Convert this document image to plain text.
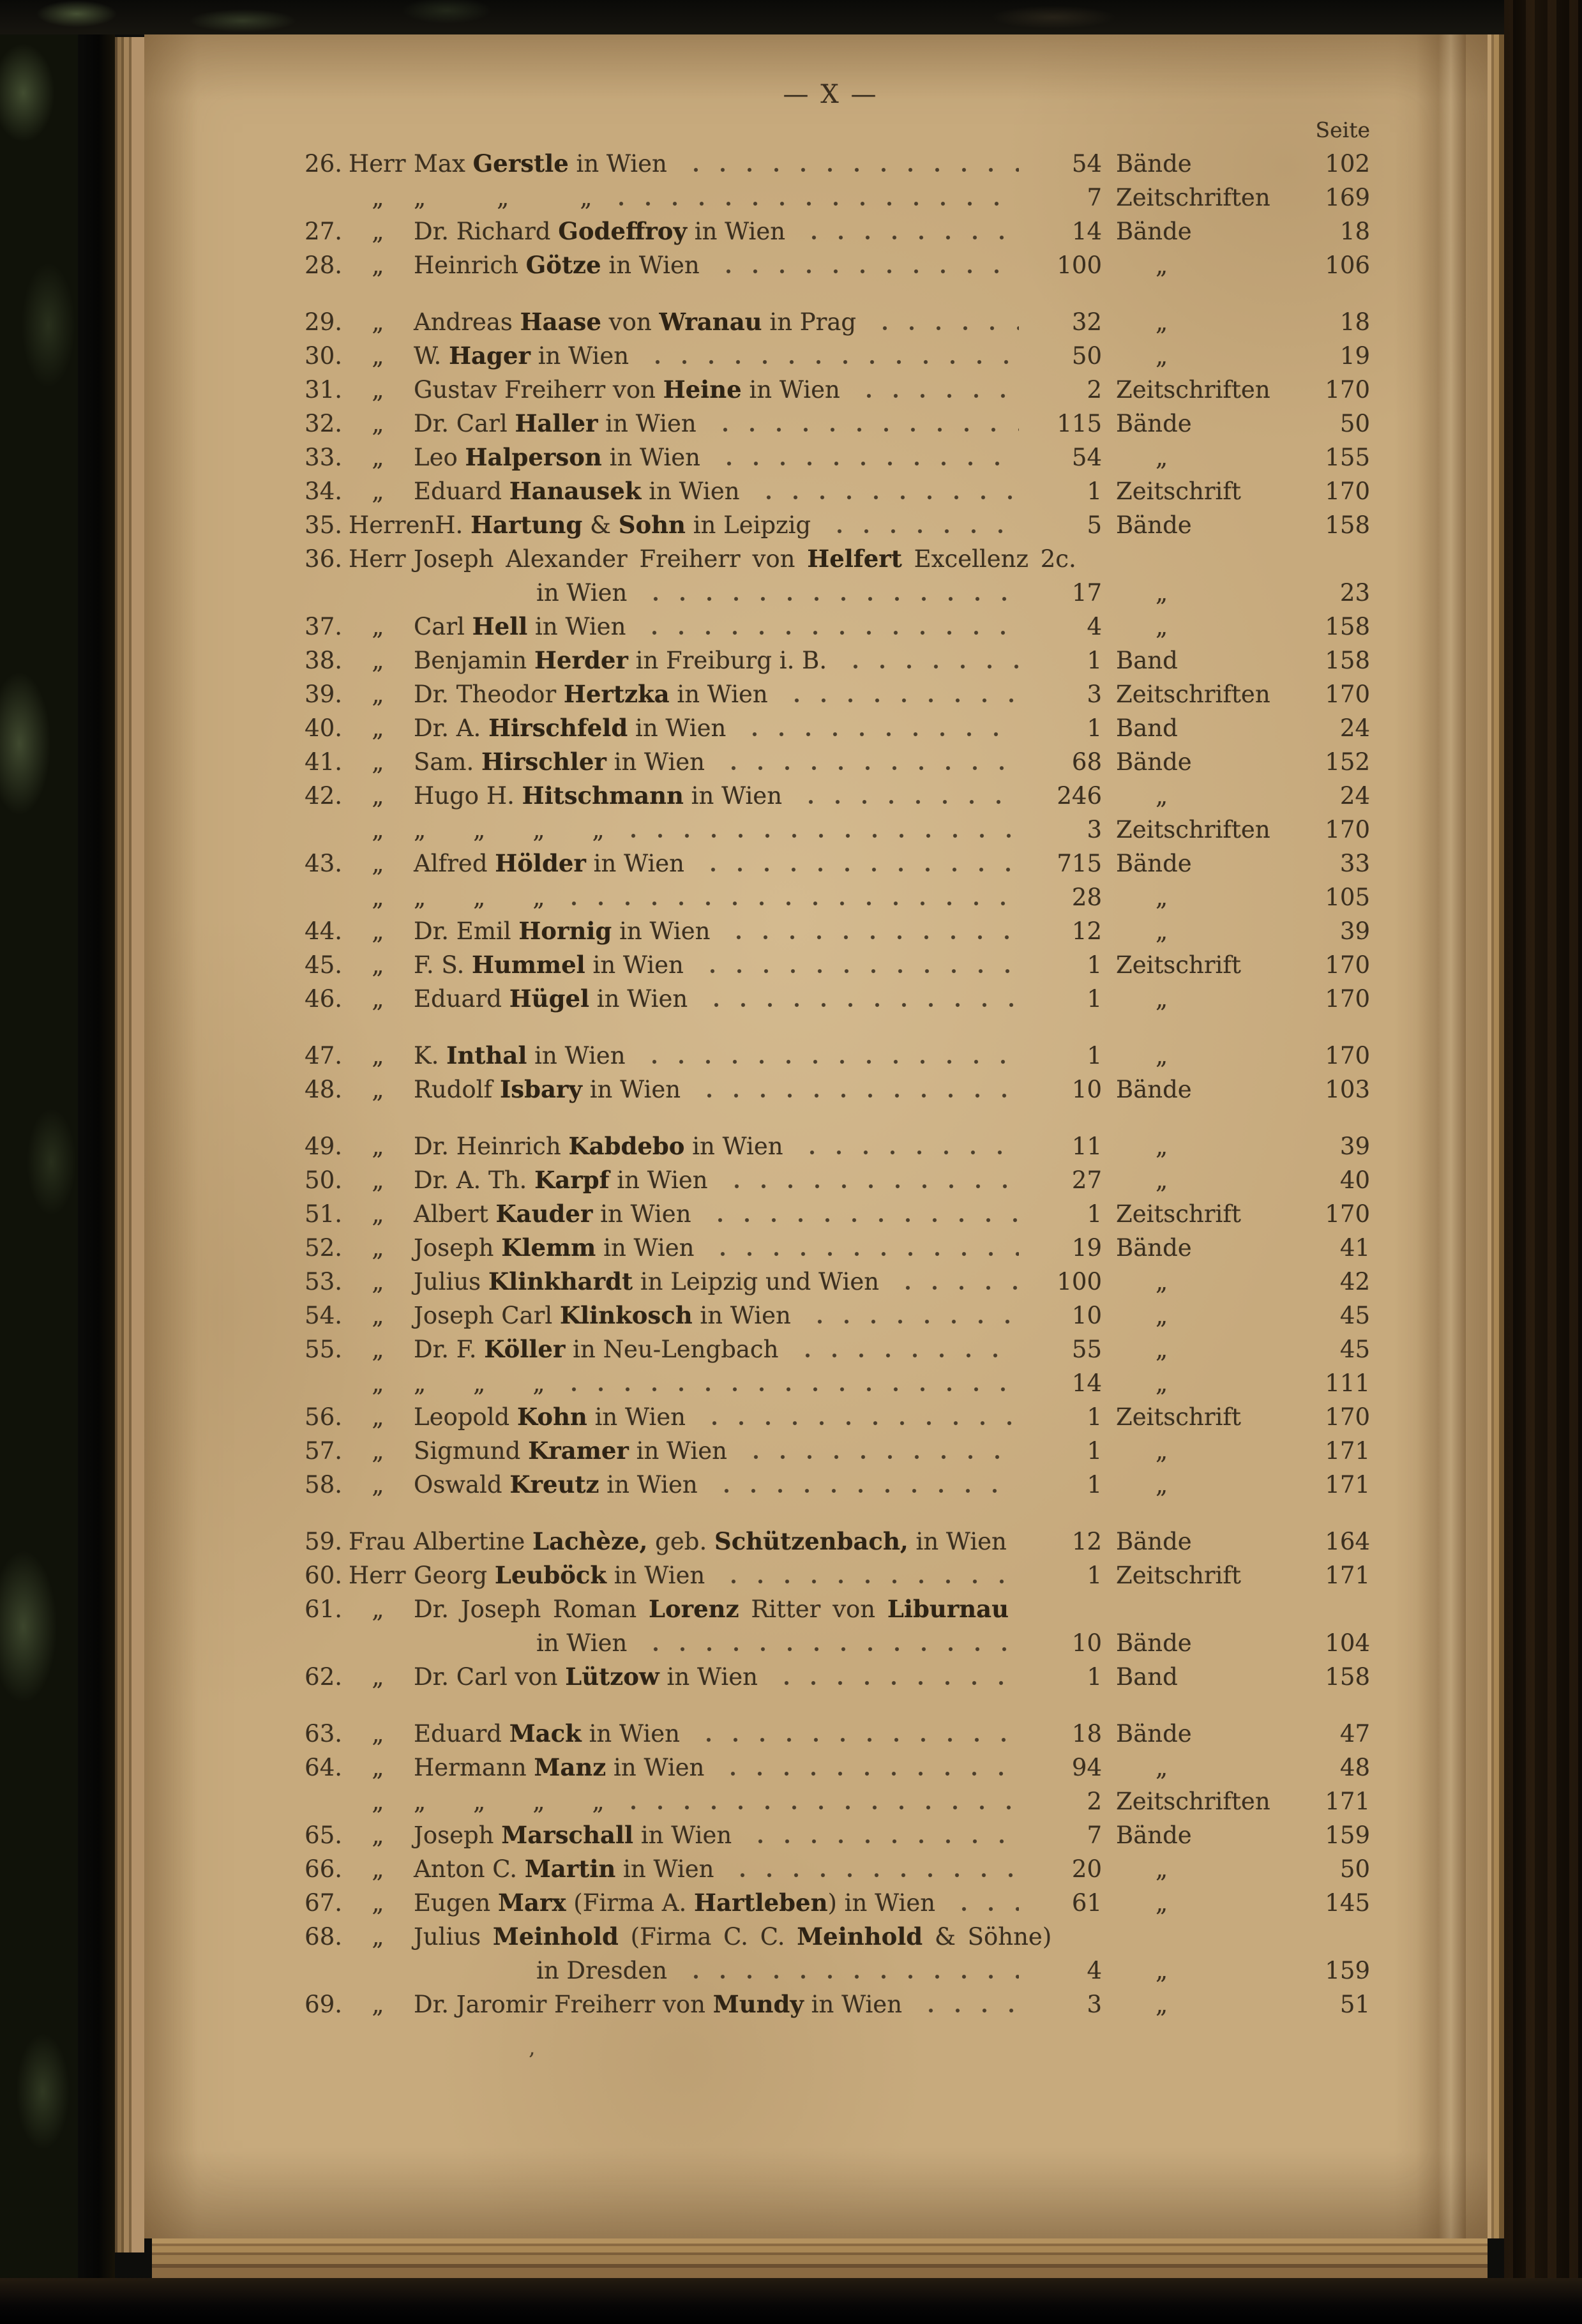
— X —
Seite
26. Herr Max Gerstle in Wien	54 Bände	102
„	„   „   „	7 Zeitschriften	169
27.	„	Dr. Richard Godeffroy in Wien	14 Bände	18
28.	„	Heinrich Götze in Wien	100	„	106
29.	„	Andreas Haase von Wranau in Prag	32	„	18
30.	„	W. Hager in Wien	50	„	19
31.	„	Gustav Freiherr von Heine in Wien	2 Zeitschriften	170
32.	„	Dr. Carl Haller in Wien	115 Bände	50
33.	„	Leo Halperson in Wien	54	„	155
34.	„	Eduard Hanausek in Wien	1 Zeitschrift	170
35. Herren H. Hartung & Sohn in Leipzig	5 Bände	158
36. Herr Joseph Alexander Freiherr von Helfert Excellenz 2c.
in Wien	17	„	23
37.	„	Carl Hell in Wien	4	„	158
38.	„	Benjamin Herder in Freiburg i. B.	1 Band	158
39.	„	Dr. Theodor Hertzka in Wien	3 Zeitschriften	170
40.	„	Dr. A. Hirschfeld in Wien	1 Band	24
41.	„	Sam. Hirschler in Wien	68 Bände	152
42.	„	Hugo H. Hitschmann in Wien	246	„	24
„	„  „  „  „	3 Zeitschriften	170
43.	„	Alfred Hölder in Wien	715 Bände	33
„	„  „  „	28	„	105
44.	„	Dr. Emil Hornig in Wien	12	„	39
45.	„	F. S. Hummel in Wien	1 Zeitschrift	170
46.	„	Eduard Hügel in Wien	1	„	170
47.	„	K. Inthal in Wien	1	„	170
48.	„	Rudolf Isbary in Wien	10 Bände	103
49.	„	Dr. Heinrich Kabdebo in Wien	11	„	39
50.	„	Dr. A. Th. Karpf in Wien	27	„	40
51.	„	Albert Kauder in Wien	1 Zeitschrift	170
52.	„	Joseph Klemm in Wien	19 Bände	41
53.	„	Julius Klinkhardt in Leipzig und Wien	100	„	42
54.	„	Joseph Carl Klinkosch in Wien	10	„	45
55.	„	Dr. F. Köller in Neu-Lengbach	55	„	45
„	„  „  „	14	„	111
56.	„	Leopold Kohn in Wien	1 Zeitschrift	170
57.	„	Sigmund Kramer in Wien	1	„	171
58.	„	Oswald Kreutz in Wien	1	„	171
59. Frau Albertine Lachèze, geb. Schützenbach, in Wien	12 Bände	164
60. Herr Georg Leuböck in Wien	1 Zeitschrift	171
61.	„	Dr. Joseph Roman Lorenz Ritter von Liburnau
in Wien	10 Bände	104
62.	„	Dr. Carl von Lützow in Wien	1 Band	158
63.	„	Eduard Mack in Wien	18 Bände	47
64.	„	Hermann Manz in Wien	94	„	48
„	„  „  „  „	2 Zeitschriften	171
65.	„	Joseph Marschall in Wien	7 Bände	159
66.	„	Anton C. Martin in Wien	20	„	50
67.	„	Eugen Marx (Firma A. Hartleben) in Wien	61	„	145
68.	„	Julius Meinhold (Firma C. C. Meinhold & Söhne)
in Dresden	4	„	159
69.	„	Dr. Jaromir Freiherr von Mundy in Wien	3	„	51
‚
